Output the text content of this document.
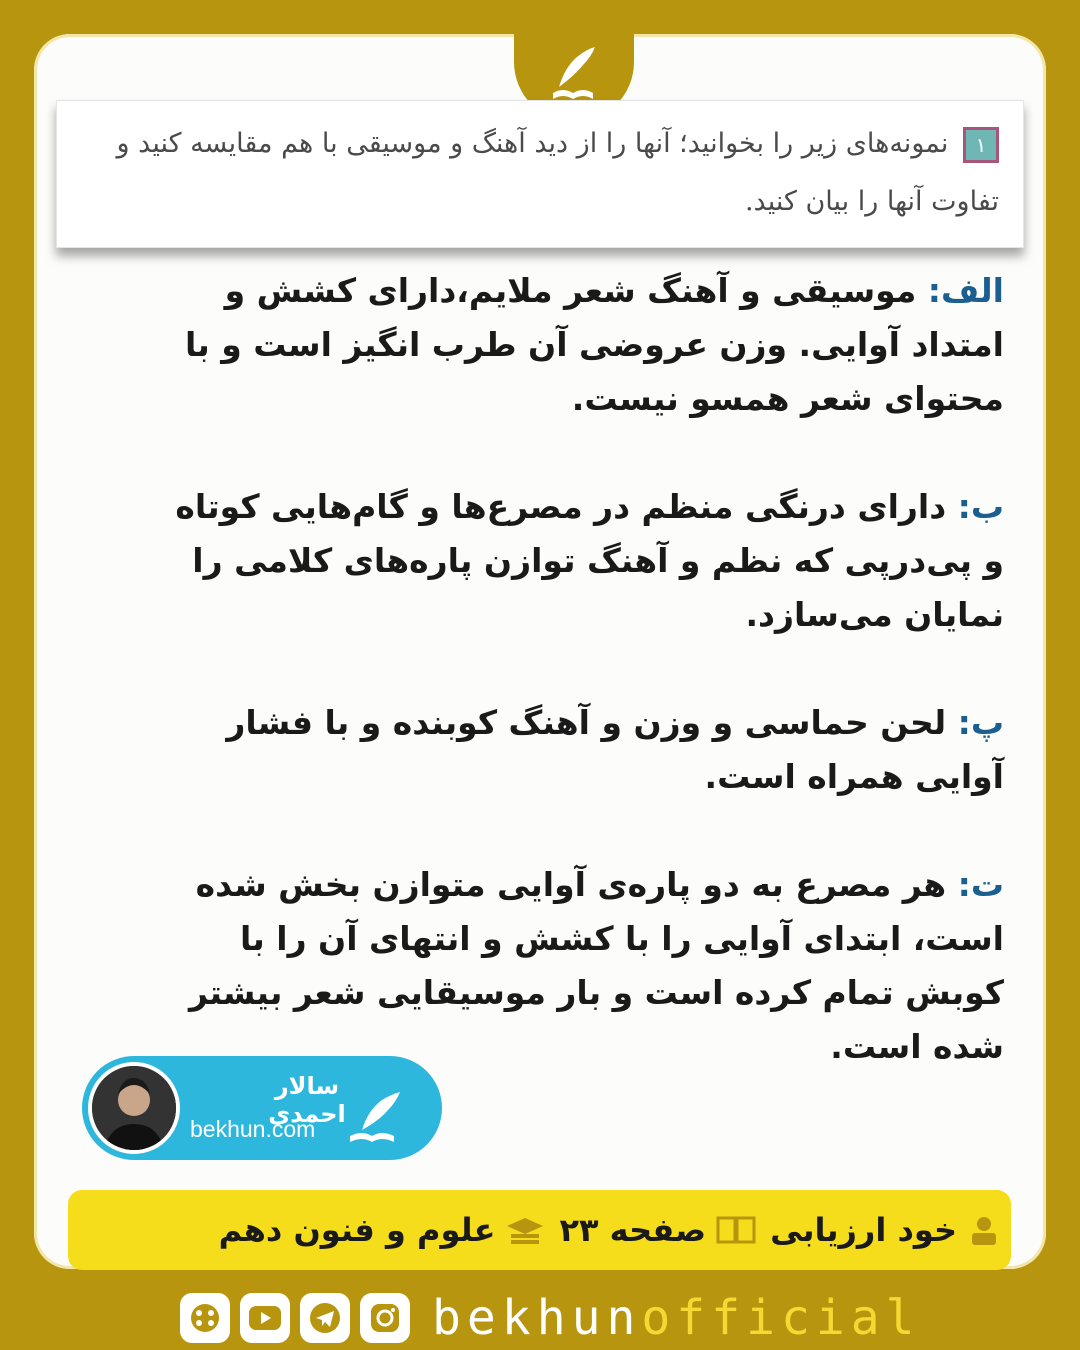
۱ نمونه‌های زیر را بخوانید؛ آنها را از دید آهنگ و موسیقی با هم مقایسه کنید و تفاوت آنها را بیان کنید.
الف: موسیقی و آهنگ شعر ملایم،دارای کشش و امتداد آوایی. وزن عروضی آن طرب انگیز است و با محتوای شعر همسو نیست.
ب: دارای درنگی منظم در مصرع‌ها و گام‌هایی کوتاه و پی‌درپی که نظم و آهنگ توازن پاره‌های کلامی را نمایان می‌سازد.
پ: لحن حماسی و وزن و آهنگ کوبنده و با فشار آوایی همراه است.
ت: هر مصرع به دو پاره‌ی آوایی متوازن بخش شده است، ابتدای آوایی را با کشش و انتهای آن را با کوبش تمام کرده است و بار موسیقایی شعر بیشتر شده است.
سالار احمدی
bekhun.com
خود ارزیابی
صفحه ۲۳
علوم و فنون دهم
bekhunofficial
